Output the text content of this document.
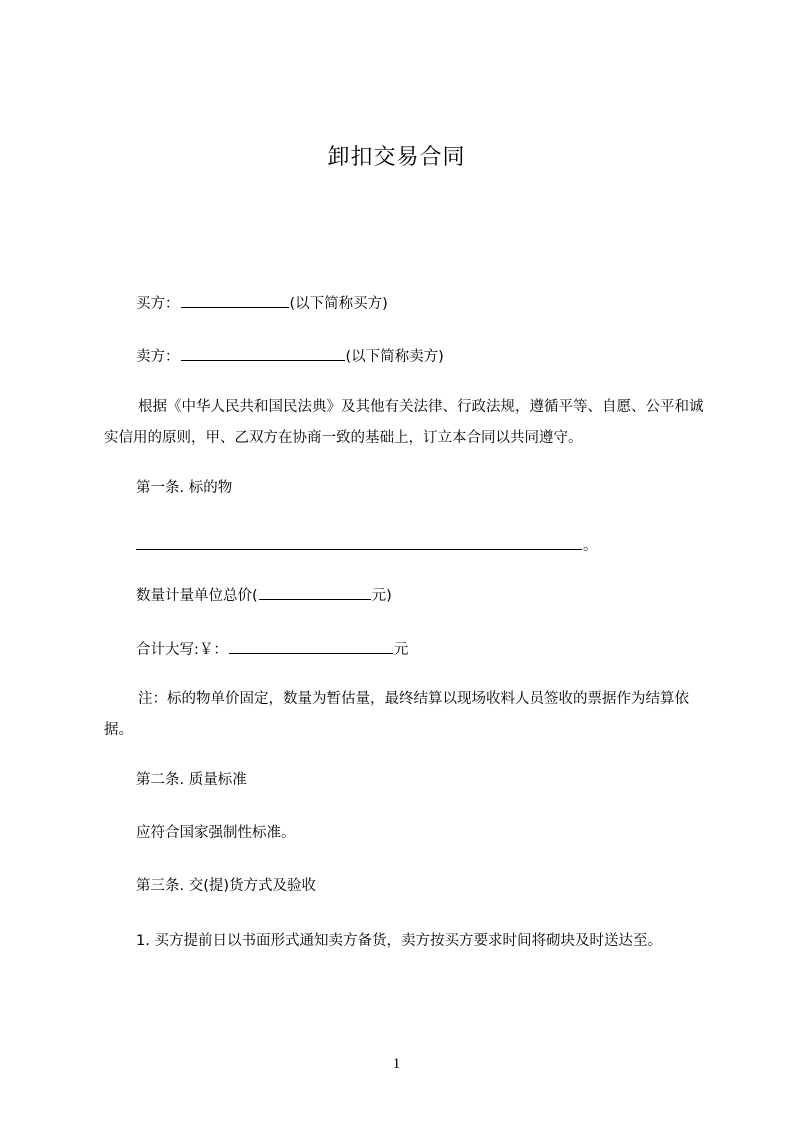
卸扣交易合同
买方：	(以下简称买方)
卖方：	(以下简称卖方)
根据《中华人民共和国民法典》及其他有关法律、行政法规，遵循平等、自愿、公平和诚实信用的原则，甲、乙双方在协商一致的基础上，订立本合同以共同遵守。
第一条. 标的物
。
数量计量单位总价(	元)
合计大写:￥：	元
注：标的物单价固定，数量为暂估量，最终结算以现场收料人员签收的票据作为结算依据。
第二条. 质量标准
应符合国家强制性标准。
第三条. 交(提)货方式及验收
1. 买方提前日以书面形式通知卖方备货，卖方按买方要求时间将砌块及时送达至。
1
